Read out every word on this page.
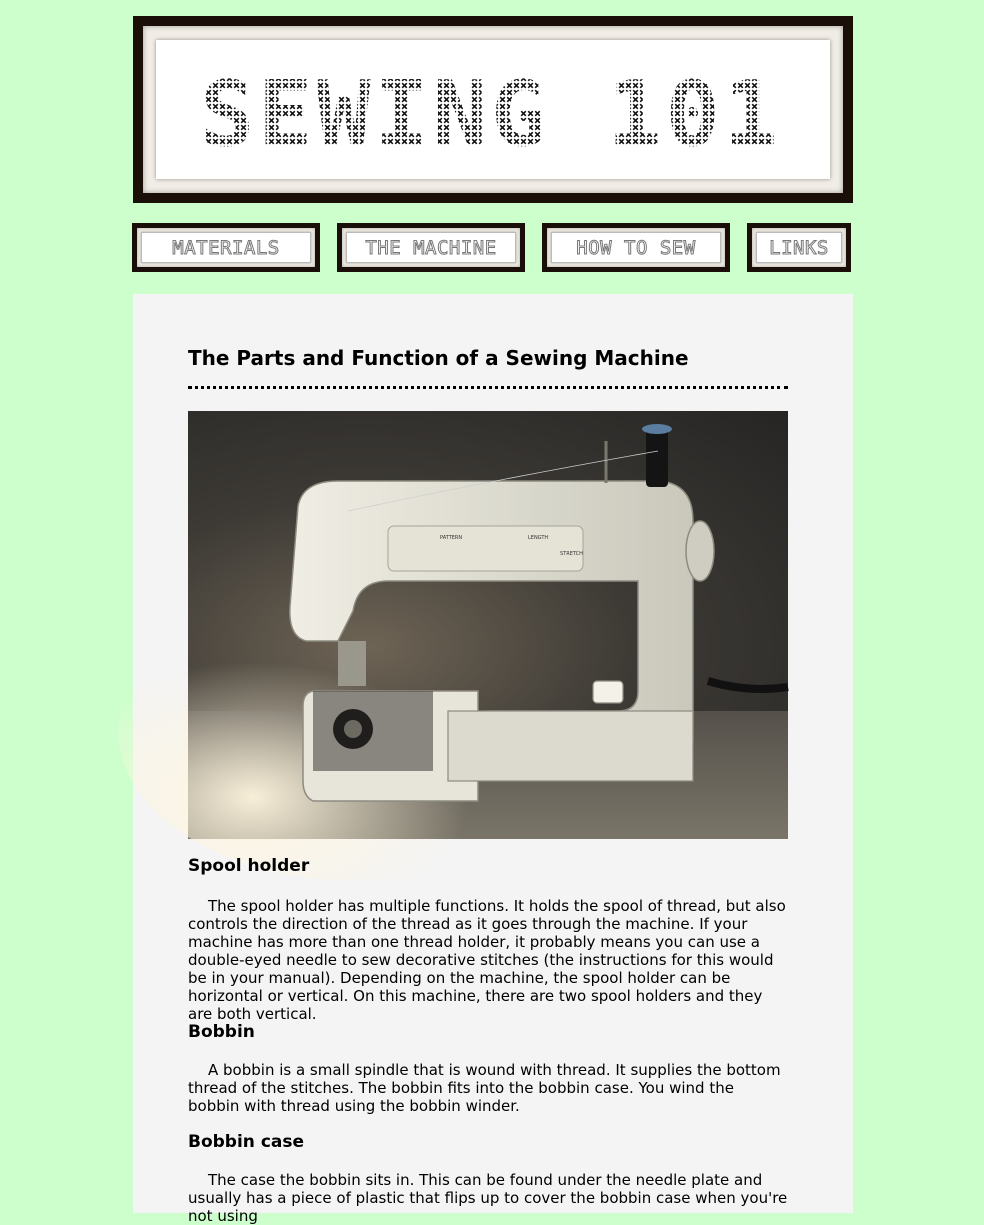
SEWING 101
MATERIALS	THE MACHINE	HOW TO SEW	LINKS
The Parts and Function of a Sewing Machine
PATTERN	LENGTH
STRETCH
Spool holder

The spool holder has multiple functions. It holds the spool of thread, but also controls the direction of the thread as it goes through the machine. If your machine has more than one thread holder, it probably means you can use a double-eyed needle to sew decorative stitches (the instructions for this would be in your manual). Depending on the machine, the spool holder can be horizontal or vertical. On this machine, there are two spool holders and they are both vertical.

Bobbin

A bobbin is a small spindle that is wound with thread. It supplies the bottom thread of the stitches. The bobbin fits into the bobbin case. You wind the bobbin with thread using the bobbin winder.

Bobbin case

The case the bobbin sits in. This can be found under the needle plate and usually has a piece of plastic that flips up to cover the bobbin case when you're not using
